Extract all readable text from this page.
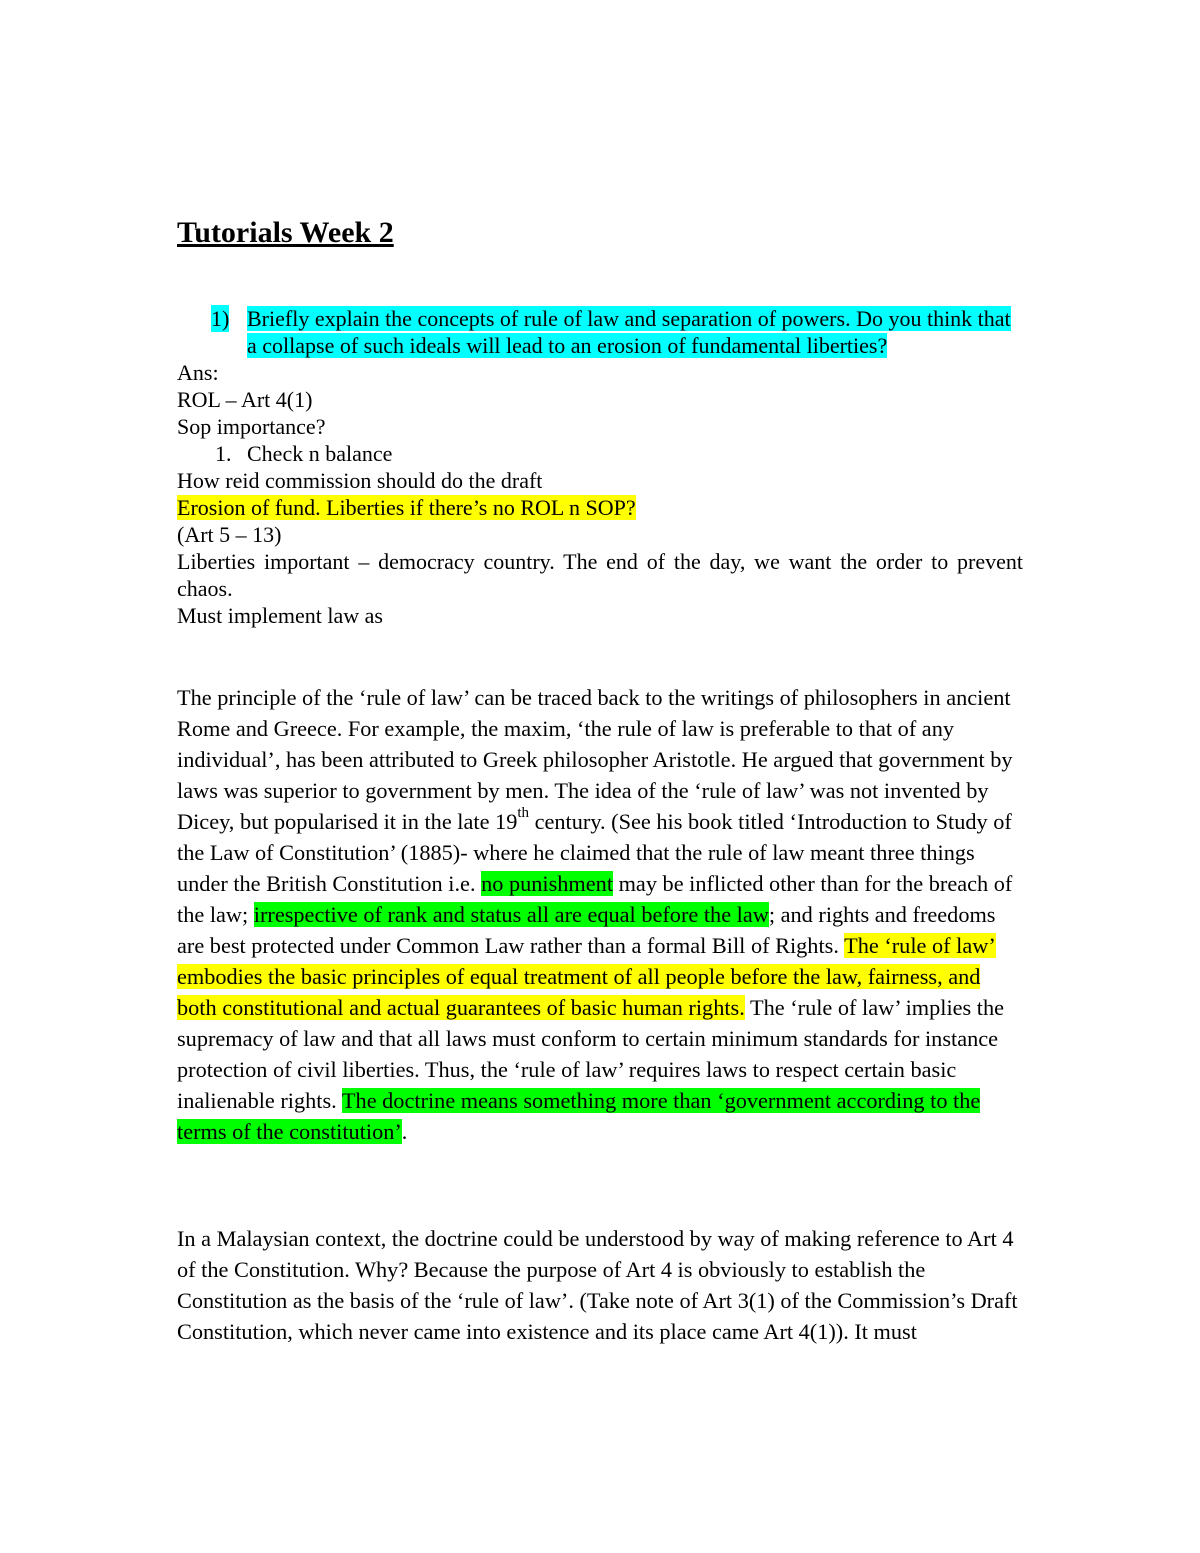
Tutorials Week 2
1) Briefly explain the concepts of rule of law and separation of powers. Do you think that a collapse of such ideals will lead to an erosion of fundamental liberties?
Ans:
ROL – Art 4(1)
Sop importance?
1. Check n balance
How reid commission should do the draft
Erosion of fund. Liberties if there’s no ROL n SOP?
(Art 5 – 13)
Liberties important – democracy country. The end of the day, we want the order to prevent chaos.
Must implement law as
The principle of the ‘rule of law’ can be traced back to the writings of philosophers in ancient Rome and Greece. For example, the maxim, ‘the rule of law is preferable to that of any individual’, has been attributed to Greek philosopher Aristotle. He argued that government by laws was superior to government by men. The idea of the ‘rule of law’ was not invented by Dicey, but popularised it in the late 19th century. (See his book titled ‘Introduction to Study of the Law of Constitution’ (1885)- where he claimed that the rule of law meant three things under the British Constitution i.e. no punishment may be inflicted other than for the breach of the law; irrespective of rank and status all are equal before the law; and rights and freedoms are best protected under Common Law rather than a formal Bill of Rights. The ‘rule of law’ embodies the basic principles of equal treatment of all people before the law, fairness, and both constitutional and actual guarantees of basic human rights. The ‘rule of law’ implies the supremacy of law and that all laws must conform to certain minimum standards for instance protection of civil liberties. Thus, the ‘rule of law’ requires laws to respect certain basic inalienable rights. The doctrine means something more than ‘government according to the terms of the constitution’.
In a Malaysian context, the doctrine could be understood by way of making reference to Art 4 of the Constitution. Why? Because the purpose of Art 4 is obviously to establish the Constitution as the basis of the ‘rule of law’. (Take note of Art 3(1) of the Commission’s Draft Constitution, which never came into existence and its place came Art 4(1)). It must
